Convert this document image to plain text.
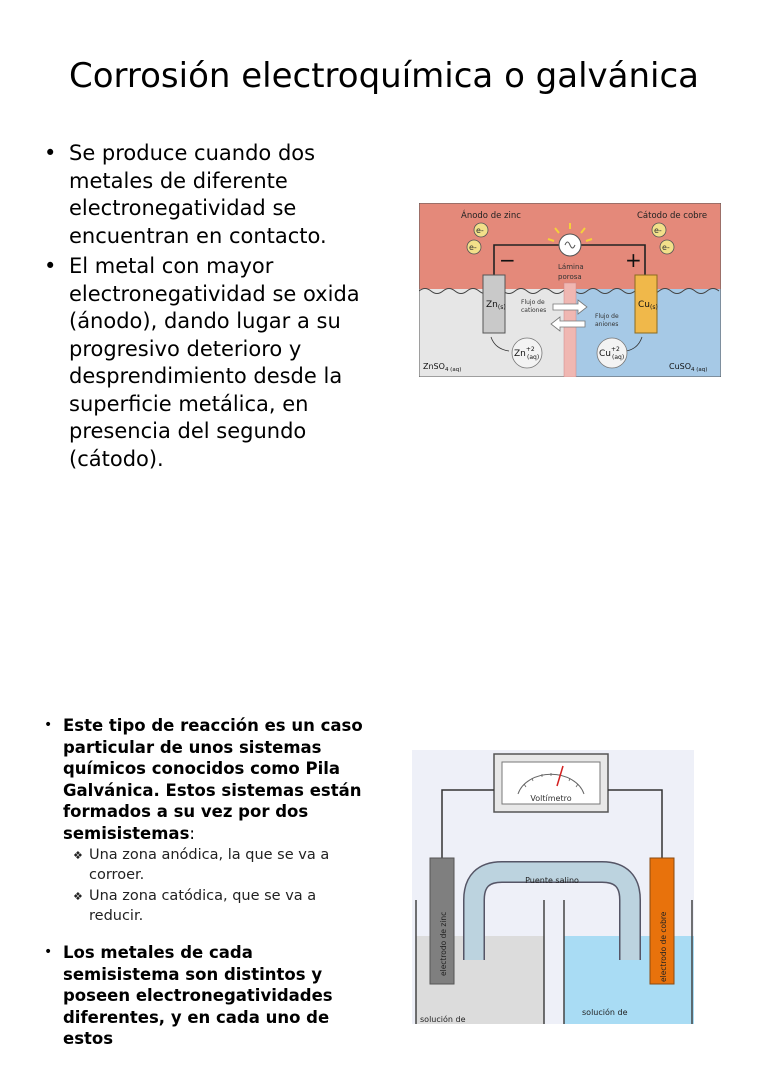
Corrosión electroquímica o galvánica
• Se produce cuando dos metales de diferente electronegatividad se encuentran en contacto.
• El metal con mayor electronegatividad se oxida (ánodo), dando lugar a su progresivo deterioro y desprendimiento desde la superficie metálica, en presencia del segundo (cátodo).
Ánodo de zinc	Cátodo de cobre
e-
e-
e-
e-
−	+
Lámina
porosa
$Zn_{(s)}$	$Cu_{(s)}$
Flujo de
cationes
Flujo de
aniones
$Zn^{+2}$
(aq)	$Cu^{+2}$
(aq)
ZnSO$_{4 (aq)}$	CuSO$_{4 (aq)}$
• Este tipo de reacción es un caso particular de unos sistemas químicos conocidos como Pila Galvánica. Estos sistemas están formados a su vez por dos semisistemas:
❖ Una zona anódica, la que se va a corroer.
❖ Una zona catódica, que se va a reducir.
• Los metales de cada semisistema son distintos y poseen electronegatividades diferentes, y en cada uno de estos
Voltímetro
Puente salino
electrodo de zinc	electrodo de cobre
solución de
solución de
